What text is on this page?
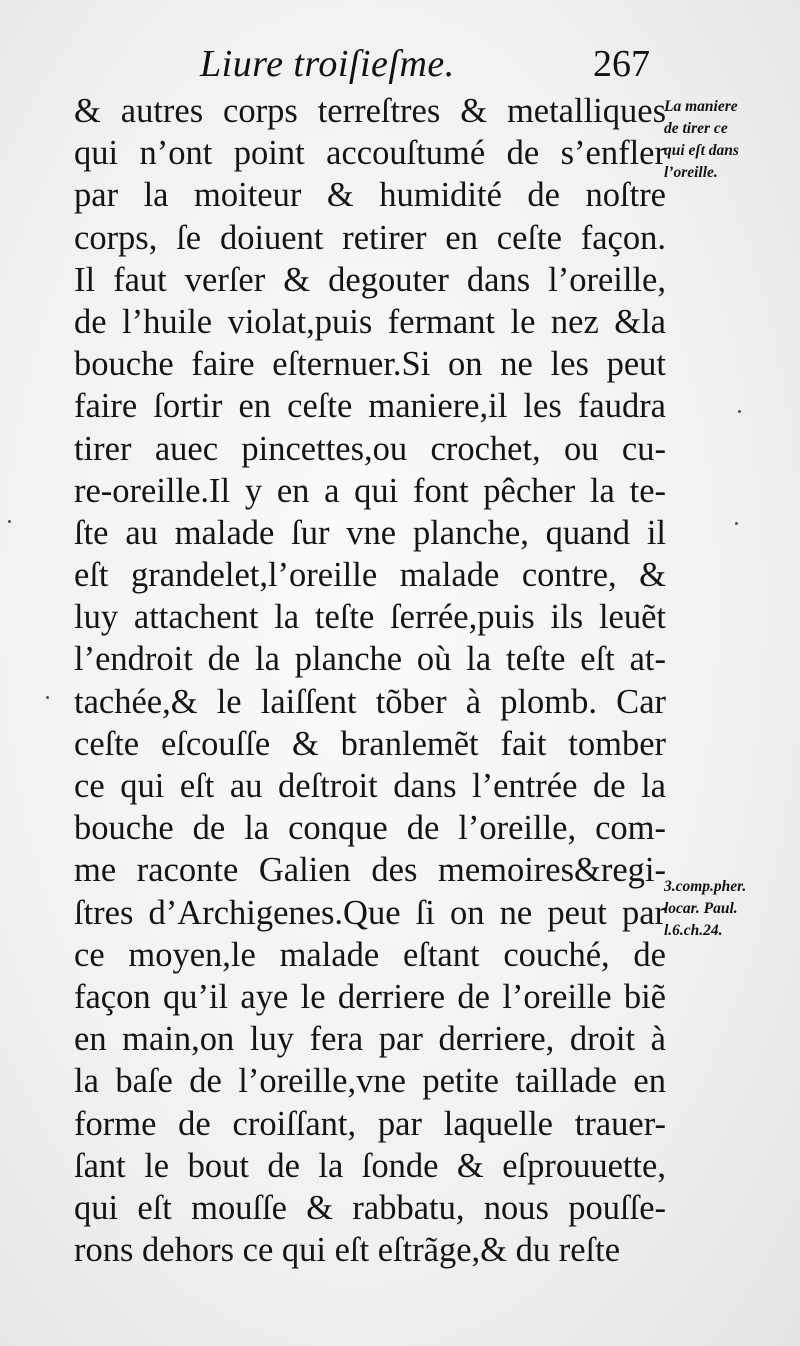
Liure troiſieſme.	267
& autres corps terreſtres & metalliques
qui n’ont point accouſtumé de s’enfler
par la moiteur & humidité de noſtre
corps, ſe doiuent retirer en ceſte façon.
Il faut verſer & degouter dans l’oreille,
de l’huile violat,puis fermant le nez &la
bouche faire eſternuer.Si on ne les peut
faire ſortir en ceſte maniere,il les faudra
tirer auec pincettes,ou crochet, ou cu-
re-oreille.Il y en a qui font pêcher la te-
ſte au malade ſur vne planche, quand il
eſt grandelet,l’oreille malade contre, &
luy attachent la teſte ſerrée,puis ils leuẽt
l’endroit de la planche où la teſte eſt at-
tachée,& le laiſſent tõber à plomb. Car
ceſte eſcouſſe & branlemẽt fait tomber
ce qui eſt au deſtroit dans l’entrée de la
bouche de la conque de l’oreille, com-
me raconte Galien des memoires&regi-
ſtres d’Archigenes.Que ſi on ne peut par
ce moyen,le malade eſtant couché, de
façon qu’il aye le derriere de l’oreille biẽ
en main,on luy fera par derriere, droit à
la baſe de l’oreille,vne petite taillade en
forme de croiſſant, par laquelle trauer-
ſant le bout de la ſonde & eſprouuette,
qui eſt mouſſe & rabbatu, nous pouſſe-
rons dehors ce qui eſt eſtrãge,& du reſte
La maniere
de tirer ce
qui eſt dans
l’oreille.
3.comp.pher.
locar. Paul.
l.6.ch.24.
